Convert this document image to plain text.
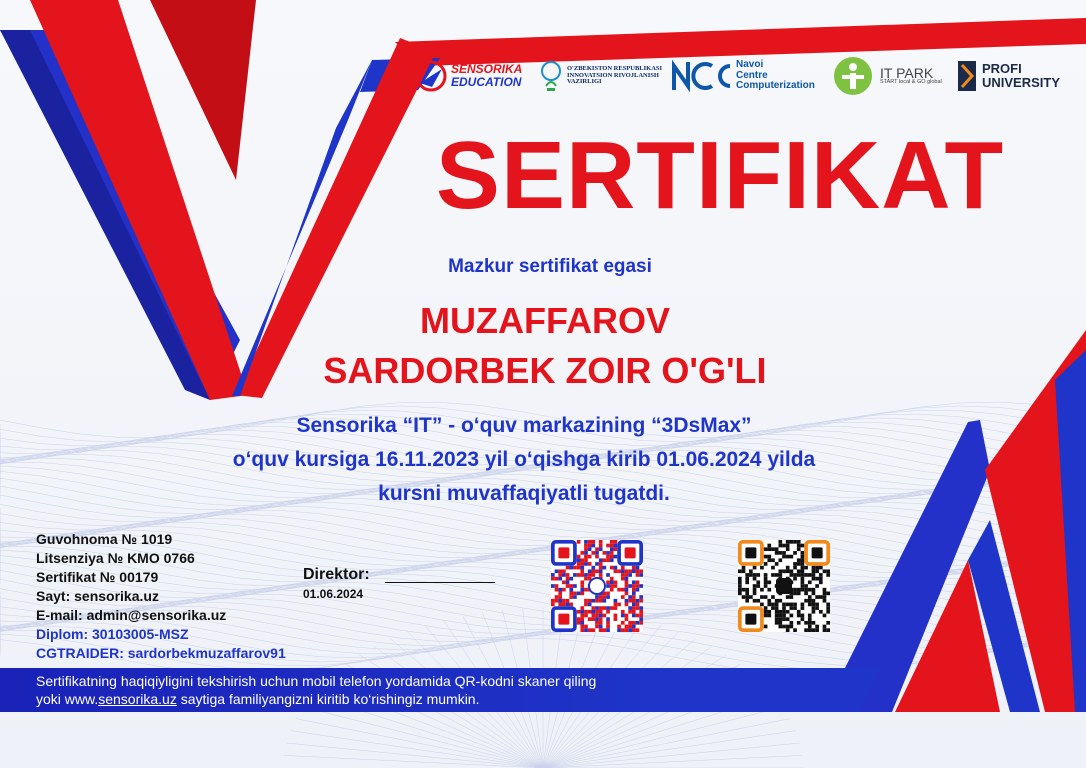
SENSORIKA
EDUCATION
O'ZBEKISTON RESPUBLIKASI
INNOVATSION RIVOJLANISH
VAZIRLIGI
Navoi
Centre
Computerization
IT PARK
START local & GO global
PROFI
UNIVERSITY
SERTIFIKAT
Mazkur sertifikat egasi
MUZAFFAROV
SARDORBEK ZOIR O'G'LI
Sensorika “IT” - o‘quv markazining “3DsMax”
o‘quv kursiga 16.11.2023 yil o‘qishga kirib 01.06.2024 yilda
kursni muvaffaqiyatli tugatdi.
Guvohnoma № 1019
Litsenziya № KMO 0766
Sertifikat № 00179
Sayt: sensorika.uz
E-mail: admin@sensorika.uz
Diplom: 30103005-MSZ
CGTRAIDER: sardorbekmuzaffarov91
Direktor:
01.06.2024
Sertifikatning haqiqiyligini tekshirish uchun mobil telefon yordamida QR-kodni skaner qiling
yoki www.sensorika.uz saytiga familiyangizni kiritib ko‘rishingiz mumkin.
